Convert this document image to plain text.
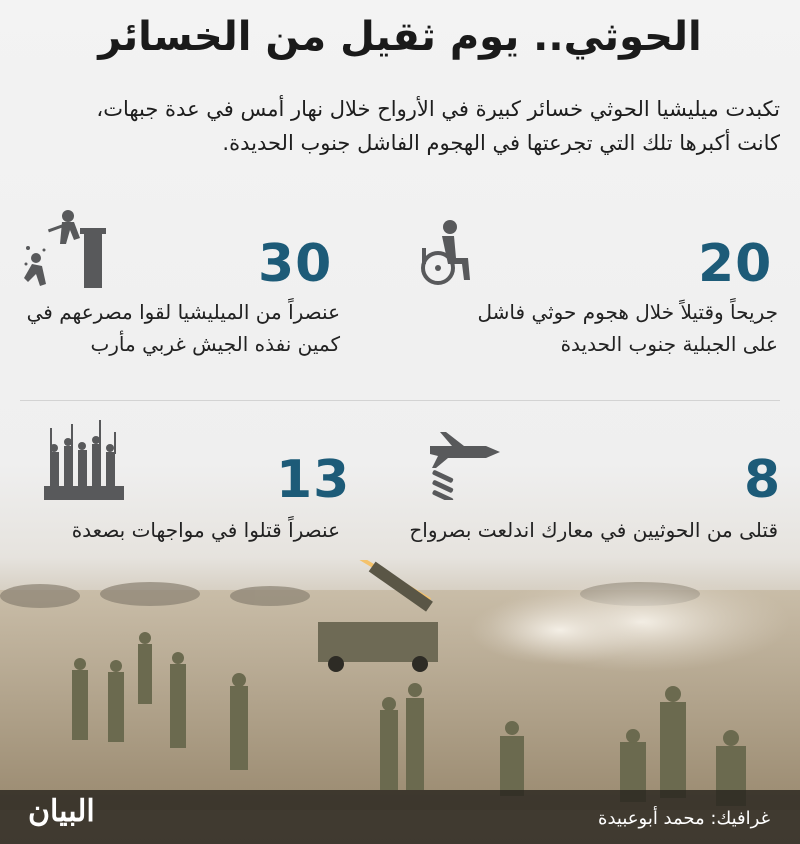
الحوثي.. يوم ثقيل من الخسائر
تكبدت ميليشيا الحوثي خسائر كبيرة في الأرواح خلال نهار أمس في عدة جبهات،
كانت أكبرها تلك التي تجرعتها في الهجوم الفاشل جنوب الحديدة.
20
جريحاً وقتيلاً خلال هجوم حوثي فاشل
على الجبلية جنوب الحديدة
30
عنصراً من الميليشيا لقوا مصرعهم في
كمين نفذه الجيش غربي مأرب
8
قتلى من الحوثيين في معارك اندلعت بصرواح
13
عنصراً قتلوا في مواجهات بصعدة
البيان	غرافيك: محمد أبوعبيدة
